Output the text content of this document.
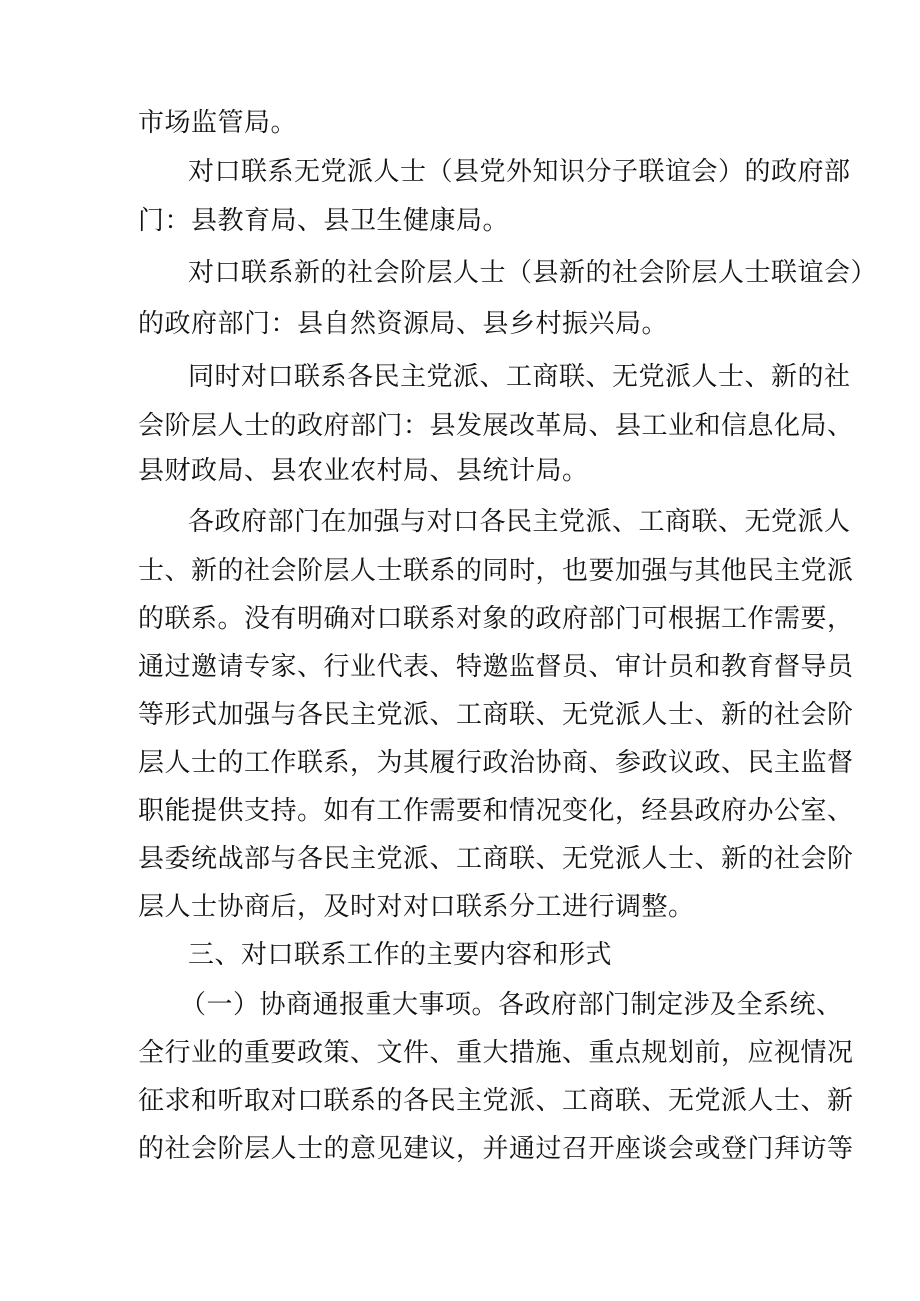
市场监管局。
对口联系无党派人士（县党外知识分子联谊会）的政府部
门：县教育局、县卫生健康局。
对口联系新的社会阶层人士（县新的社会阶层人士联谊会）
的政府部门：县自然资源局、县乡村振兴局。
同时对口联系各民主党派、工商联、无党派人士、新的社
会阶层人士的政府部门：县发展改革局、县工业和信息化局、
县财政局、县农业农村局、县统计局。
各政府部门在加强与对口各民主党派、工商联、无党派人
士、新的社会阶层人士联系的同时，也要加强与其他民主党派
的联系。没有明确对口联系对象的政府部门可根据工作需要，
通过邀请专家、行业代表、特邀监督员、审计员和教育督导员
等形式加强与各民主党派、工商联、无党派人士、新的社会阶
层人士的工作联系，为其履行政治协商、参政议政、民主监督
职能提供支持。如有工作需要和情况变化，经县政府办公室、
县委统战部与各民主党派、工商联、无党派人士、新的社会阶
层人士协商后，及时对对口联系分工进行调整。
三、对口联系工作的主要内容和形式
（一）协商通报重大事项。各政府部门制定涉及全系统、
全行业的重要政策、文件、重大措施、重点规划前，应视情况
征求和听取对口联系的各民主党派、工商联、无党派人士、新
的社会阶层人士的意见建议，并通过召开座谈会或登门拜访等
